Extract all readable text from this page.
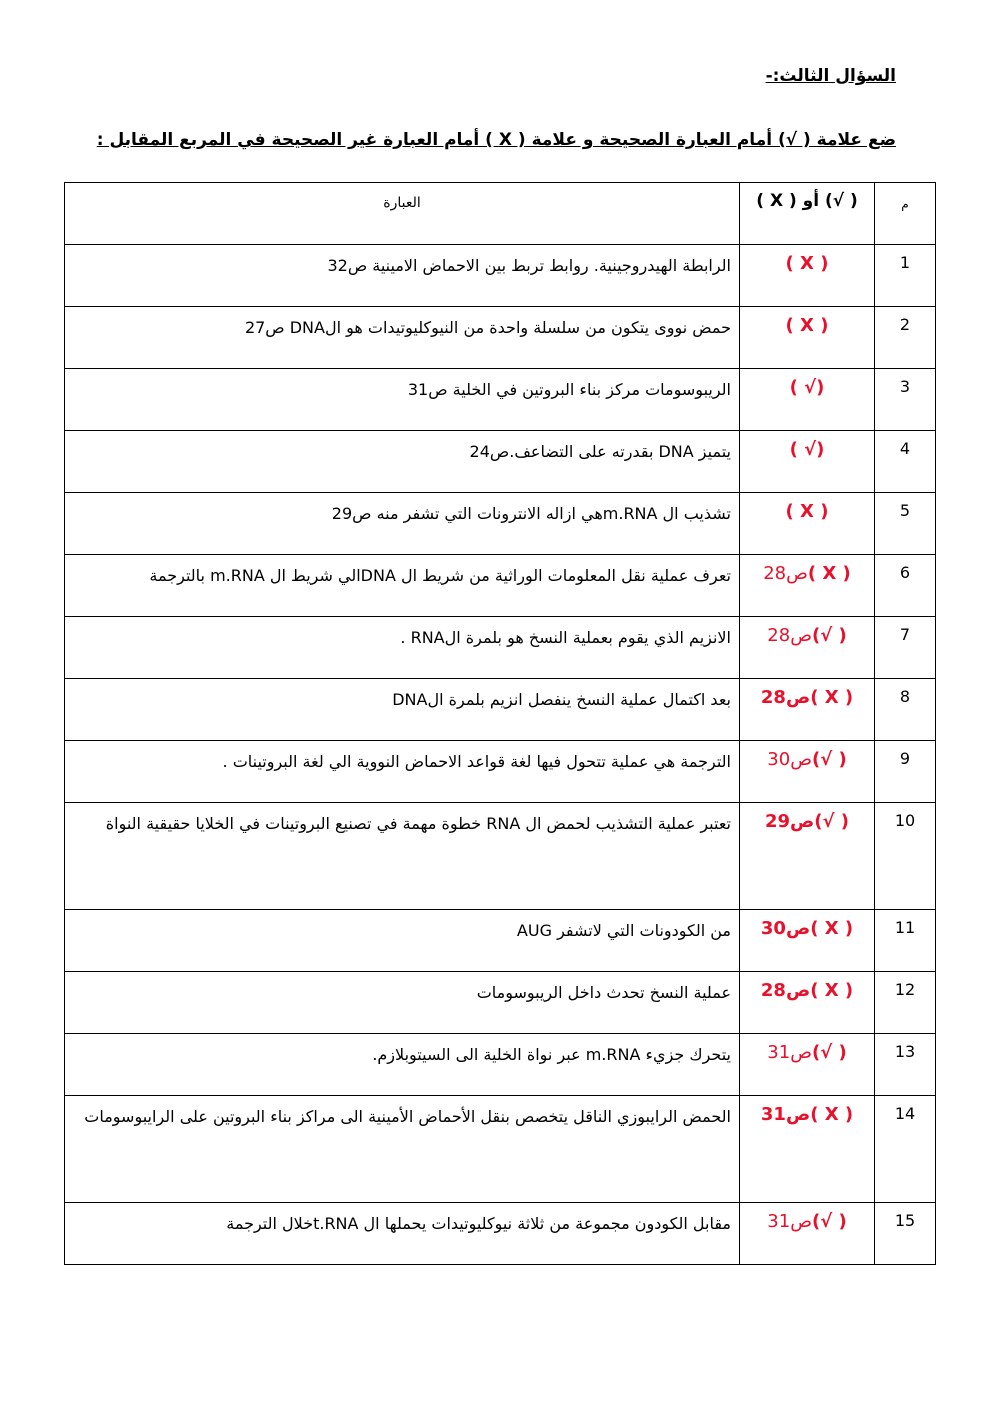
السؤال الثالث:-
ضع علامة ( √) أمام العبارة الصحيحة و علامة ( X ) أمام العبارة غير الصحيحة في المربع المقابل :
م	( √) أو ( X )	العبارة
1	( X )	الرابطة الهيدروجينية. روابط تربط بين الاحماض الامينية ص32
2	( X )	حمض نووى يتكون من سلسلة واحدة من النيوكليوتيدات هو الDNA ص27
3	(√ )	الريبوسومات مركز بناء البروتين في الخلية ص31
4	(√ )	يتميز DNA بقدرته على التضاعف.ص24
5	( X )	تشذيب ال m.RNAهي ازاله الانترونات التي تشفر منه ص29
6	( X )ص28	تعرف عملية نقل المعلومات الوراثية من شريط ال DNAالي شريط ال m.RNA بالترجمة
7	( √)ص28	الانزيم الذي يقوم بعملية النسخ هو بلمرة الRNA .
8	( X )ص28	بعد اكتمال عملية النسخ ينفصل انزيم بلمرة الDNA
9	( √)ص30	الترجمة هي عملية تتحول فيها لغة قواعد الاحماض النووية الي لغة البروتينات .
10	( √)ص29	تعتبر عملية التشذيب لحمض ال RNA خطوة مهمة في تصنيع البروتينات في الخلايا حقيقية النواة
11	( X )ص30	من الكودونات التي لاتشفر AUG
12	( X )ص28	عملية النسخ تحدث داخل الريبوسومات
13	( √)ص31	يتحرك جزيء m.RNA عبر نواة الخلية الى السيتوبلازم.
14	( X )ص31	الحمض الرايبوزي الناقل يتخصص بنقل الأحماض الأمينية الى مراكز بناء البروتين على الرايبوسومات
15	( √)ص31	مقابل الكودون مجموعة من ثلاثة نيوكليوتيدات يحملها ال t.RNAخلال الترجمة
